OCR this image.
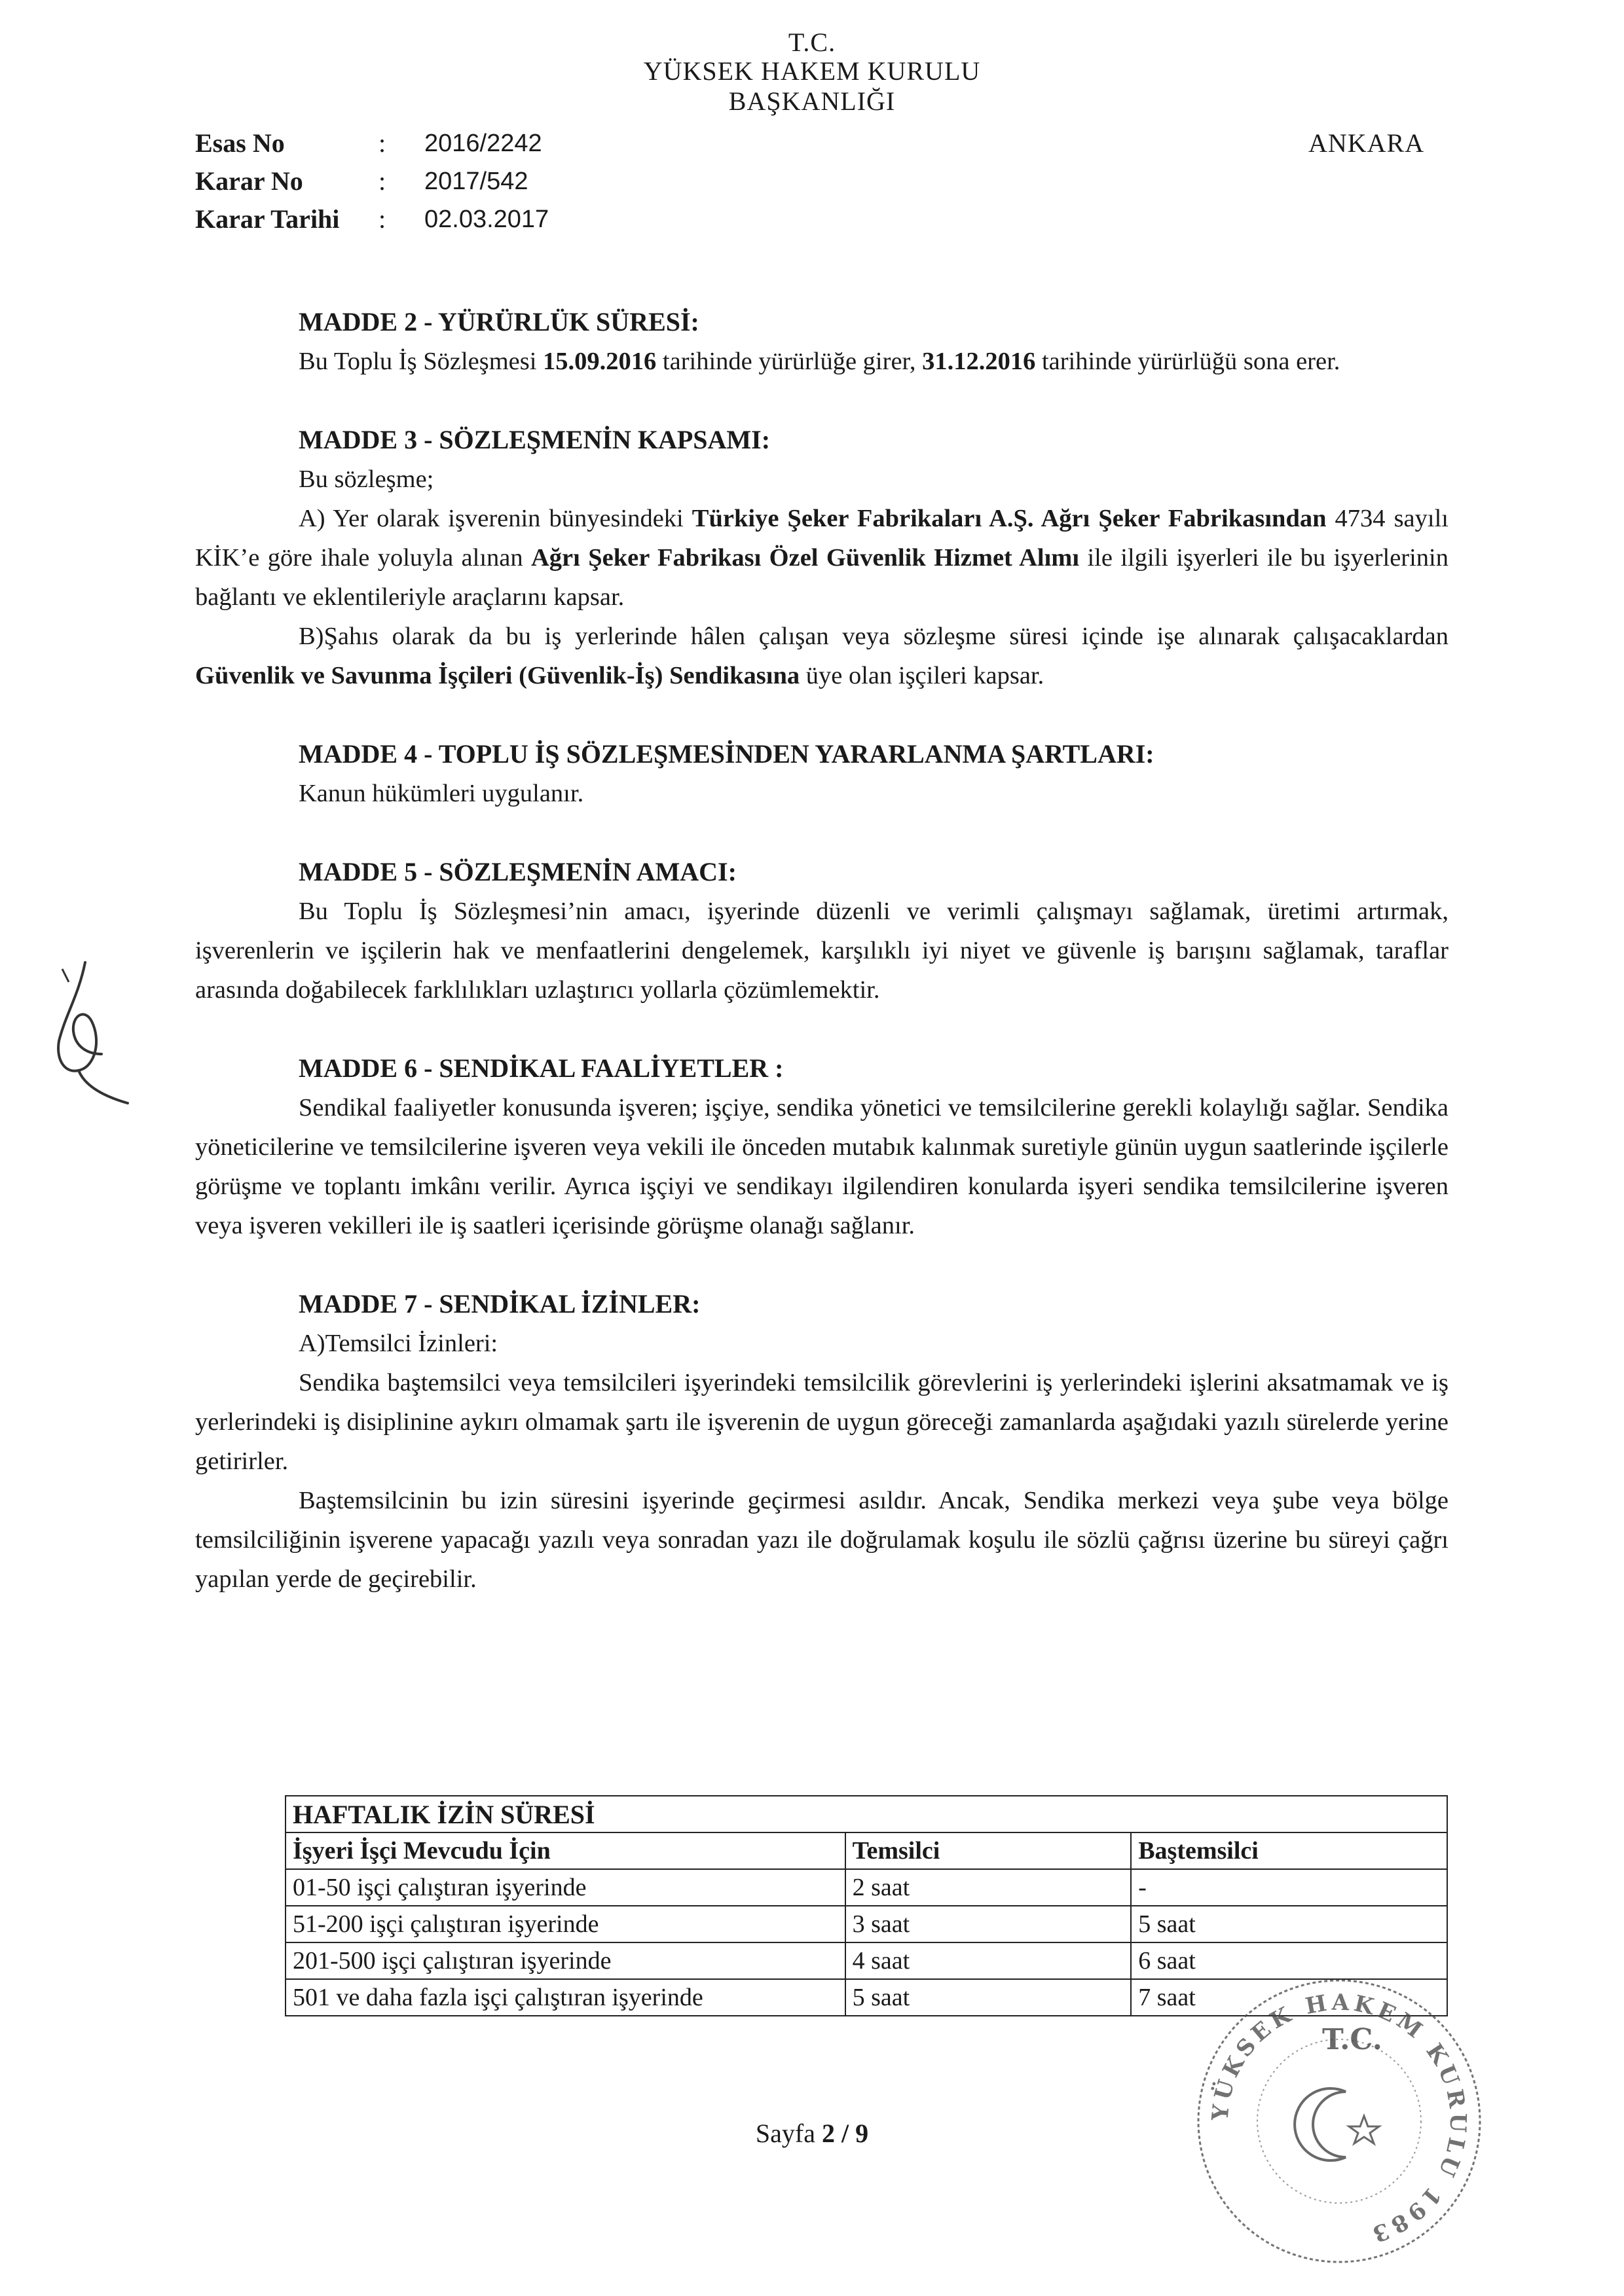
T.C.
YÜKSEK HAKEM KURULU
BAŞKANLIĞI
Esas No	:	2016/2242
Karar No	:	2017/542
Karar Tarihi	:	02.03.2017
ANKARA

MADDE 2 - YÜRÜRLÜK SÜRESİ:

Bu Toplu İş Sözleşmesi 15.09.2016 tarihinde yürürlüğe girer, 31.12.2016 tarihinde yürürlüğü sona erer.

MADDE 3 - SÖZLEŞMENİN KAPSAMI:

Bu sözleşme;

A) Yer olarak işverenin bünyesindeki Türkiye Şeker Fabrikaları A.Ş. Ağrı Şeker Fabrikasından 4734 sayılı KİK’e göre ihale yoluyla alınan Ağrı Şeker Fabrikası Özel Güvenlik Hizmet Alımı ile ilgili işyerleri ile bu işyerlerinin bağlantı ve eklentileriyle araçlarını kapsar.

B)Şahıs olarak da bu iş yerlerinde hâlen çalışan veya sözleşme süresi içinde işe alınarak çalışacaklardan Güvenlik ve Savunma İşçileri (Güvenlik-İş) Sendikasına üye olan işçileri kapsar.

MADDE 4 - TOPLU İŞ SÖZLEŞMESİNDEN YARARLANMA ŞARTLARI:

Kanun hükümleri uygulanır.

MADDE 5 - SÖZLEŞMENİN AMACI:

Bu Toplu İş Sözleşmesi’nin amacı, işyerinde düzenli ve verimli çalışmayı sağlamak, üretimi artırmak, işverenlerin ve işçilerin hak ve menfaatlerini dengelemek, karşılıklı iyi niyet ve güvenle iş barışını sağlamak, taraflar arasında doğabilecek farklılıkları uzlaştırıcı yollarla çözümlemektir.

MADDE 6 - SENDİKAL FAALİYETLER :

Sendikal faaliyetler konusunda işveren; işçiye, sendika yönetici ve temsilcilerine gerekli kolaylığı sağlar. Sendika yöneticilerine ve temsilcilerine işveren veya vekili ile önceden mutabık kalınmak suretiyle günün uygun saatlerinde işçilerle görüşme ve toplantı imkânı verilir. Ayrıca işçiyi ve sendikayı ilgilendiren konularda işyeri sendika temsilcilerine işveren veya işveren vekilleri ile iş saatleri içerisinde görüşme olanağı sağlanır.

MADDE 7 - SENDİKAL İZİNLER:

A)Temsilci İzinleri:

Sendika baştemsilci veya temsilcileri işyerindeki temsilcilik görevlerini iş yerlerindeki işlerini aksatmamak ve iş yerlerindeki iş disiplinine aykırı olmamak şartı ile işverenin de uygun göreceği zamanlarda aşağıdaki yazılı sürelerde yerine getirirler.

Baştemsilcinin bu izin süresini işyerinde geçirmesi asıldır. Ancak, Sendika merkezi veya şube veya bölge temsilciliğinin işverene yapacağı yazılı veya sonradan yazı ile doğrulamak koşulu ile sözlü çağrısı üzerine bu süreyi çağrı yapılan yerde de geçirebilir.

HAFTALIK İZİN SÜRESİ		
İşyeri İşçi Mevcudu İçin	Temsilci	Baştemsilci
01-50 işçi çalıştıran işyerinde	2 saat	-
51-200 işçi çalıştıran işyerinde	3 saat	5 saat
201-500 işçi çalıştıran işyerinde	4 saat	6 saat
501 ve daha fazla işçi çalıştıran işyerinde	5 saat	7 saat
Sayfa 2 / 9
YÜKSEK HAKEM KURULU 1983
T.C.
